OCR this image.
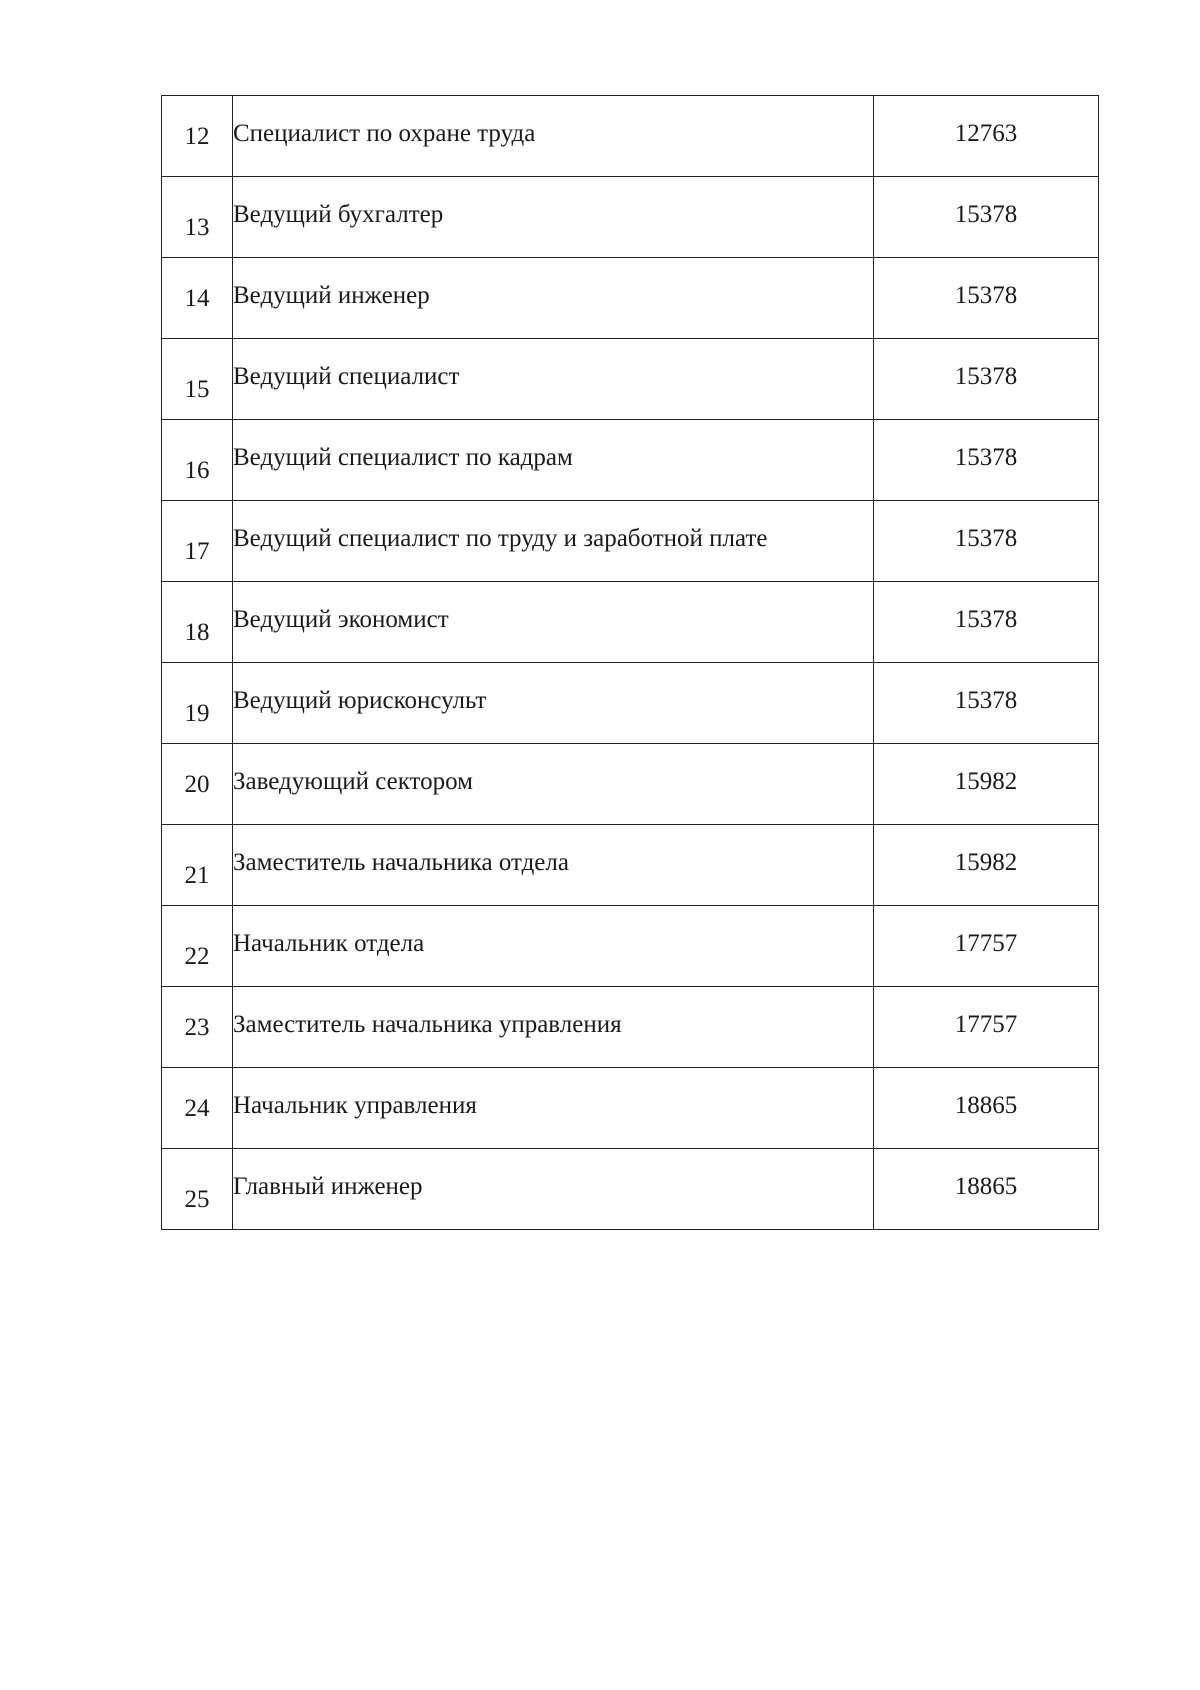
12	Специалист по охране труда	12763
13	Ведущий бухгалтер	15378
14	Ведущий инженер	15378
15	Ведущий специалист	15378
16	Ведущий специалист по кадрам	15378
17	Ведущий специалист по труду и заработной плате	15378
18	Ведущий экономист	15378
19	Ведущий юрисконсульт	15378
20	Заведующий сектором	15982
21	Заместитель начальника отдела	15982
22	Начальник отдела	17757
23	Заместитель начальника управления	17757
24	Начальник управления	18865
25	Главный инженер	18865
